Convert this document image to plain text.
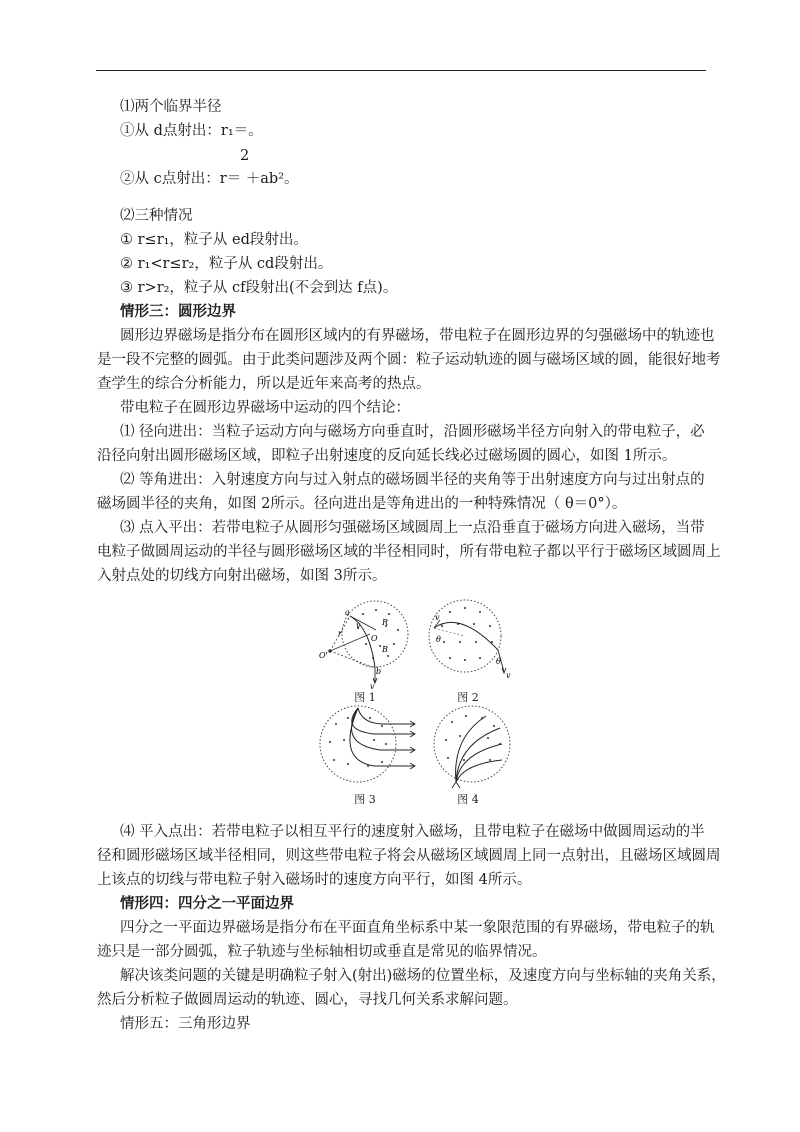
⑴两个临界半径
①从 d点射出：r₁＝。
2
②从 c点射出：r＝ ＋ab²。
⑵三种情况
① r≤r₁，粒子从 ed段射出。
② r₁<r≤r₂，粒子从 cd段射出。
③ r>r₂，粒子从 cf段射出(不会到达 f点)。
情形三：圆形边界
圆形边界磁场是指分布在圆形区域内的有界磁场，带电粒子在圆形边界的匀强磁场中的轨迹也
是一段不完整的圆弧。由于此类问题涉及两个圆：粒子运动轨迹的圆与磁场区域的圆，能很好地考
查学生的综合分析能力，所以是近年来高考的热点。
带电粒子在圆形边界磁场中运动的四个结论：
⑴ 径向进出：当粒子运动方向与磁场方向垂直时，沿圆形磁场半径方向射入的带电粒子，必
沿径向射出圆形磁场区域，即粒子出射速度的反向延长线必过磁场圆的圆心，如图 1所示。
⑵ 等角进出：入射速度方向与过入射点的磁场圆半径的夹角等于出射速度方向与过出射点的
磁场圆半径的夹角，如图 2所示。径向进出是等角进出的一种特殊情况（ θ＝0°）。
⑶ 点入平出：若带电粒子从圆形匀强磁场区域圆周上一点沿垂直于磁场方向进入磁场，当带
电粒子做圆周运动的半径与圆形磁场区域的半径相同时，所有带电粒子都以平行于磁场区域圆周上
入射点处的切线方向射出磁场，如图 3所示。
a
b
v
R
O
O'
r
B
v
图 1
v
θ
θ
v
图 2
图 3	图 4
⑷ 平入点出：若带电粒子以相互平行的速度射入磁场，且带电粒子在磁场中做圆周运动的半
径和圆形磁场区域半径相同，则这些带电粒子将会从磁场区域圆周上同一点射出，且磁场区域圆周
上该点的切线与带电粒子射入磁场时的速度方向平行，如图 4所示。
情形四：四分之一平面边界
四分之一平面边界磁场是指分布在平面直角坐标系中某一象限范围的有界磁场，带电粒子的轨
迹只是一部分圆弧，粒子轨迹与坐标轴相切或垂直是常见的临界情况。
解决该类问题的关键是明确粒子射入(射出)磁场的位置坐标，及速度方向与坐标轴的夹角关系，
然后分析粒子做圆周运动的轨迹、圆心，寻找几何关系求解问题。
情形五：三角形边界
